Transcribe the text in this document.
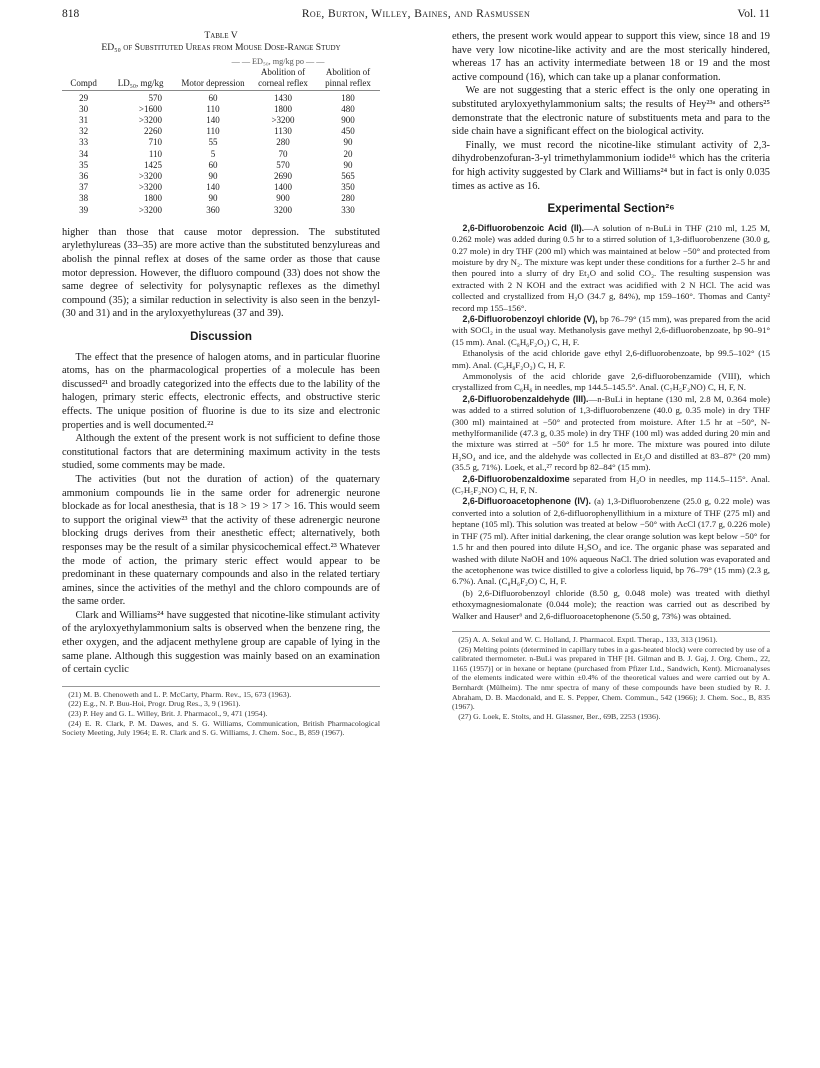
818	Roe, Burton, Willey, Baines, and Rasmussen	Vol. 11
Table V
ED₅₀ of Substituted Ureas from Mouse Dose-Range Study
		— — ED₅₀, mg/kg po — —		
Compd	LD₅₀, mg/kg	Motor depression	Abolition of corneal reflex	Abolition of pinnal reflex

29	570	60	1430	180
30	>1600	110	1800	480
31	>3200	140	>3200	900
32	2260	110	1130	450
33	710	55	280	90
34	110	5	70	20
35	1425	60	570	90
36	>3200	90	2690	565
37	>3200	140	1400	350
38	1800	90	900	280
39	>3200	360	3200	330

higher than those that cause motor depression. The substituted arylethylureas (33–35) are more active than the substituted benzylureas and abolish the pinnal reflex at doses of the same order as those that cause motor depression. However, the difluoro compound (33) does not show the same degree of selectivity for polysynaptic reflexes as the dimethyl compound (35); a similar reduction in selectivity is also seen in the benzyl- (30 and 31) and in the aryloxyethylureas (37 and 39).

Discussion

The effect that the presence of halogen atoms, and in particular fluorine atoms, has on the pharmacological properties of a molecule has been discussed²¹ and broadly categorized into the effects due to the lability of the halogen, primary steric effects, electronic effects, and obstructive steric effects. The unique position of fluorine is due to its size and electronic properties and is well documented.²²

Although the extent of the present work is not sufficient to define those constitutional factors that are determining maximum activity in the tests studied, some comments may be made.

The activities (but not the duration of action) of the quaternary ammonium compounds lie in the same order for adrenergic neurone blockade as for local anesthesia, that is 18 > 19 > 17 > 16. This would seem to support the original view²³ that the activity of these adrenergic neurone blocking drugs derives from their anesthetic effect; alternatively, both responses may be the result of a similar physicochemical effect.²³ Whatever the mode of action, the primary steric effect would appear to be predominant in these quaternary compounds and also in the related tertiary amines, since the activities of the methyl and the chloro compounds are of the same order.

Clark and Williams²⁴ have suggested that nicotine-like stimulant activity of the aryloxyethylammonium salts is observed when the benzene ring, the ether oxygen, and the adjacent methylene group are capable of lying in the same plane. Although this suggestion was mainly based on an examination of certain cyclic

(21) M. B. Chenoweth and L. P. McCarty, Pharm. Rev., 15, 673 (1963).

(22) E.g., N. P. Buu-Hoi, Progr. Drug Res., 3, 9 (1961).

(23) P. Hey and G. L. Willey, Brit. J. Pharmacol., 9, 471 (1954).

(24) E. R. Clark, P. M. Dawes, and S. G. Williams, Communication, British Pharmacological Society Meeting, July 1964; E. R. Clark and S. G. Williams, J. Chem. Soc., B, 859 (1967).

ethers, the present work would appear to support this view, since 18 and 19 have very low nicotine-like activity and are the most sterically hindered, whereas 17 has an activity intermediate between 18 or 19 and the most active compound (16), which can take up a planar conformation.

We are not suggesting that a steric effect is the only one operating in substituted aryloxyethylammonium salts; the results of Hey²³ᵃ and others²⁵ demonstrate that the electronic nature of substituents meta and para to the side chain have a significant effect on the biological activity.

Finally, we must record the nicotine-like stimulant activity of 2,3-dihydrobenzofuran-3-yl trimethylammonium iodide¹⁶ which has the criteria for high activity suggested by Clark and Williams²⁴ but in fact is only 0.035 times as active as 16.

Experimental Section²⁶

2,6-Difluorobenzoic Acid (II).—A solution of n-BuLi in THF (210 ml, 1.25 M, 0.262 mole) was added during 0.5 hr to a stirred solution of 1,3-difluorobenzene (30.0 g, 0.27 mole) in dry THF (200 ml) which was maintained at below −50° and protected from moisture by dry N₂. The mixture was kept under these conditions for a further 2–5 hr and then poured into a slurry of dry Et₂O and solid CO₂. The resulting suspension was extracted with 2 N KOH and the extract was acidified with 2 N HCl. The acid was collected and crystallized from H₂O (34.7 g, 84%), mp 159–160°. Thomas and Canty² record mp 155–156°.

2,6-Difluorobenzoyl chloride (V), bp 76–79° (15 mm), was prepared from the acid with SOCl₂ in the usual way. Methanolysis gave methyl 2,6-difluorobenzoate, bp 90–91° (15 mm). Anal. (C₈H₆F₂O₂) C, H, F.

Ethanolysis of the acid chloride gave ethyl 2,6-difluorobenzoate, bp 99.5–102° (15 mm). Anal. (C₉H₈F₂O₂) C, H, F.

Ammonolysis of the acid chloride gave 2,6-difluorobenzamide (VIII), which crystallized from C₆H₆ in needles, mp 144.5–145.5°. Anal. (C₇H₅F₂NO) C, H, F, N.

2,6-Difluorobenzaldehyde (III).—n-BuLi in heptane (130 ml, 2.8 M, 0.364 mole) was added to a stirred solution of 1,3-difluorobenzene (40.0 g, 0.35 mole) in dry THF (300 ml) maintained at −50° and protected from moisture. After 1.5 hr at −50°, N-methylformanilide (47.3 g, 0.35 mole) in dry THF (100 ml) was added during 20 min and the mixture was stirred at −50° for 1.5 hr more. The mixture was poured into dilute H₂SO₄ and ice, and the aldehyde was collected in Et₂O and distilled at 83–87° (20 mm) (35.5 g, 71%). Loek, et al.,²⁷ record bp 82–84° (15 mm).

2,6-Difluorobenzaldoxime separated from H₂O in needles, mp 114.5–115°. Anal. (C₇H₅F₂NO) C, H, F, N.

2,6-Difluoroacetophenone (IV). (a) 1,3-Difluorobenzene (25.0 g, 0.22 mole) was converted into a solution of 2,6-difluorophenyllithium in a mixture of THF (275 ml) and heptane (105 ml). This solution was treated at below −50° with AcCl (17.7 g, 0.226 mole) in THF (75 ml). After initial darkening, the clear orange solution was kept below −50° for 1.5 hr and then poured into dilute H₂SO₄ and ice. The organic phase was separated and washed with dilute NaOH and 10% aqueous NaCl. The dried solution was evaporated and the acetophenone was twice distilled to give a colorless liquid, bp 76–79° (15 mm) (2.3 g, 6.7%). Anal. (C₈H₆F₂O) C, H, F.

(b) 2,6-Difluorobenzoyl chloride (8.50 g, 0.048 mole) was treated with diethyl ethoxymagnesiomalonate (0.044 mole); the reaction was carried out as described by Walker and Hauser⁶ and 2,6-difluoroacetophenone (5.50 g, 73%) was obtained.

(25) A. A. Sekul and W. C. Holland, J. Pharmacol. Exptl. Therap., 133, 313 (1961).

(26) Melting points (determined in capillary tubes in a gas-heated block) were corrected by use of a calibrated thermometer. n-BuLi was prepared in THF [H. Gilman and B. J. Gaj, J. Org. Chem., 22, 1165 (1957)] or in hexane or heptane (purchased from Pfizer Ltd., Sandwich, Kent). Microanalyses of the elements indicated were within ±0.4% of the theoretical values and were carried out by A. Bernhardt (Mülheim). The nmr spectra of many of these compounds have been studied by R. J. Abraham, D. B. Macdonald, and E. S. Pepper, Chem. Commun., 542 (1966); J. Chem. Soc., B, 835 (1967).

(27) G. Loek, E. Stolts, and H. Glassner, Ber., 69B, 2253 (1936).
